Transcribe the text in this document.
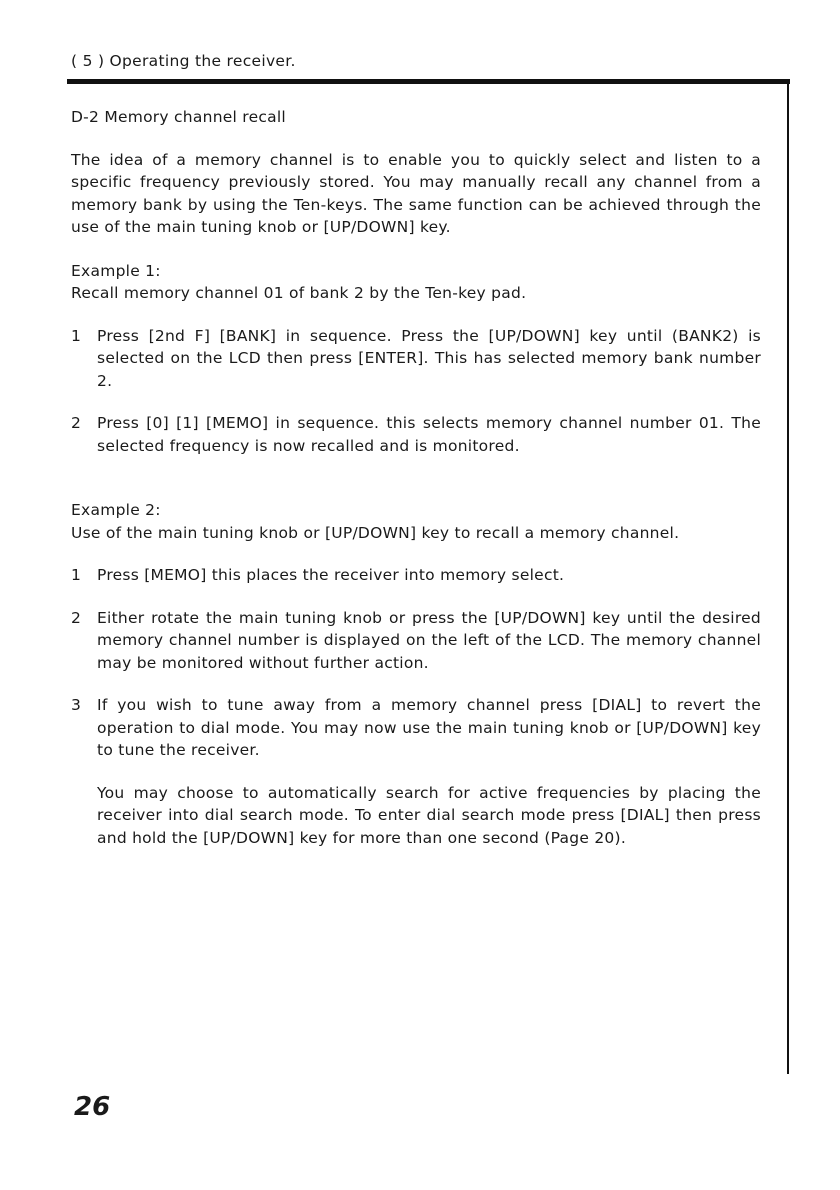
( 5 ) Operating the receiver.

D-2 Memory channel recall

The idea of a memory channel is to enable you to quickly select and listen to a specific frequency previously stored. You may manually recall any channel from a memory bank by using the Ten-keys. The same function can be achieved through the use of the main tuning knob or [UP/DOWN] key.

Example 1:

Recall memory channel 01 of bank 2 by the Ten-key pad.

1	Press [2nd F] [BANK] in sequence. Press the [UP/DOWN] key until (BANK2) is selected on the LCD then press [ENTER]. This has selected memory bank number 2.
2	Press [0] [1] [MEMO] in sequence. this selects memory channel number 01. The selected frequency is now recalled and is monitored.

Example 2:

Use of the main tuning knob or [UP/DOWN] key to recall a memory channel.

1	Press [MEMO] this places the receiver into memory select.
2	Either rotate the main tuning knob or press the [UP/DOWN] key until the desired memory channel number is displayed on the left of the LCD. The memory channel may be monitored without further action.
3	If you wish to tune away from a memory channel press [DIAL] to revert the operation to dial mode. You may now use the main tuning knob or [UP/DOWN] key to tune the receiver.

You may choose to automatically search for active frequencies by placing the receiver into dial search mode. To enter dial search mode press [DIAL] then press and hold the [UP/DOWN] key for more than one second (Page 20).

26
